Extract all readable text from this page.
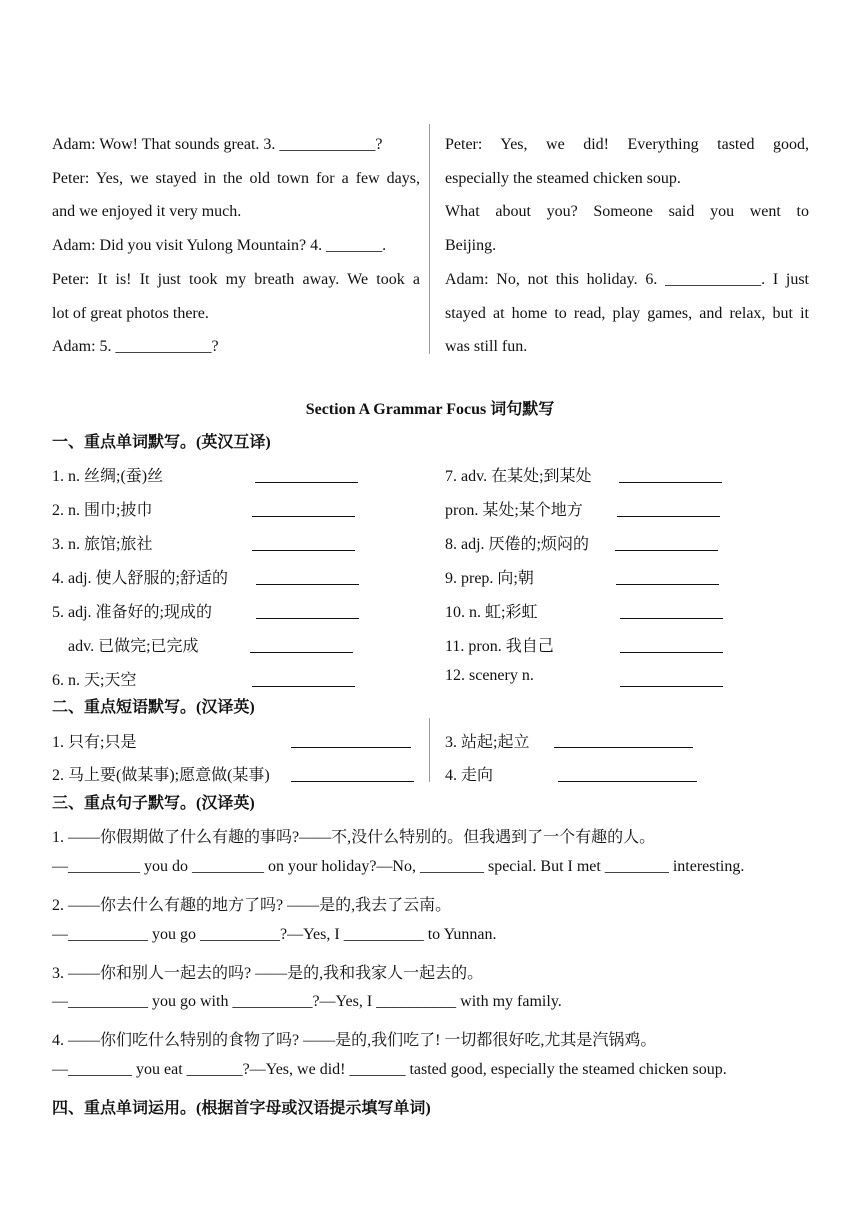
Adam: Wow! That sounds great. 3. ____________?
Peter: Yes, we stayed in the old town for a few days,
and we enjoyed it very much.
Adam: Did you visit Yulong Mountain? 4. _______.
Peter: It is! It just took my breath away. We took a
lot of great photos there.
Adam: 5. ____________?
Peter: Yes, we did! Everything tasted good,
especially the steamed chicken soup.
What about you? Someone said you went to
Beijing.
Adam: No, not this holiday. 6. ____________. I just
stayed at home to read, play games, and relax, but it
was still fun.
Section A Grammar Focus 词句默写
一、重点单词默写。(英汉互译)
1. n. 丝绸;(蚕)丝
2. n. 围巾;披巾
3. n. 旅馆;旅社
4. adj. 使人舒服的;舒适的
5. adj. 准备好的;现成的
adv. 已做完;已完成
6. n. 天;天空
7. adv. 在某处;到某处
pron. 某处;某个地方
8. adj. 厌倦的;烦闷的
9. prep. 向;朝
10. n. 虹;彩虹
11. pron. 我自己
12. scenery n.
二、重点短语默写。(汉译英)
1. 只有;只是
2. 马上要(做某事);愿意做(某事)
3. 站起;起立
4. 走向
三、重点句子默写。(汉译英)
1. ——你假期做了什么有趣的事吗?——不,没什么特别的。但我遇到了一个有趣的人。
—_________ you do _________ on your holiday?—No, ________ special. But I met ________ interesting.
2. ——你去什么有趣的地方了吗? ——是的,我去了云南。
—__________ you go __________?—Yes, I __________ to Yunnan.
3. ——你和别人一起去的吗? ——是的,我和我家人一起去的。
—__________ you go with __________?—Yes, I __________ with my family.
4. ——你们吃什么特别的食物了吗? ——是的,我们吃了! 一切都很好吃,尤其是汽锅鸡。
—________ you eat _______?—Yes, we did! _______ tasted good, especially the steamed chicken soup.
四、重点单词运用。(根据首字母或汉语提示填写单词)
